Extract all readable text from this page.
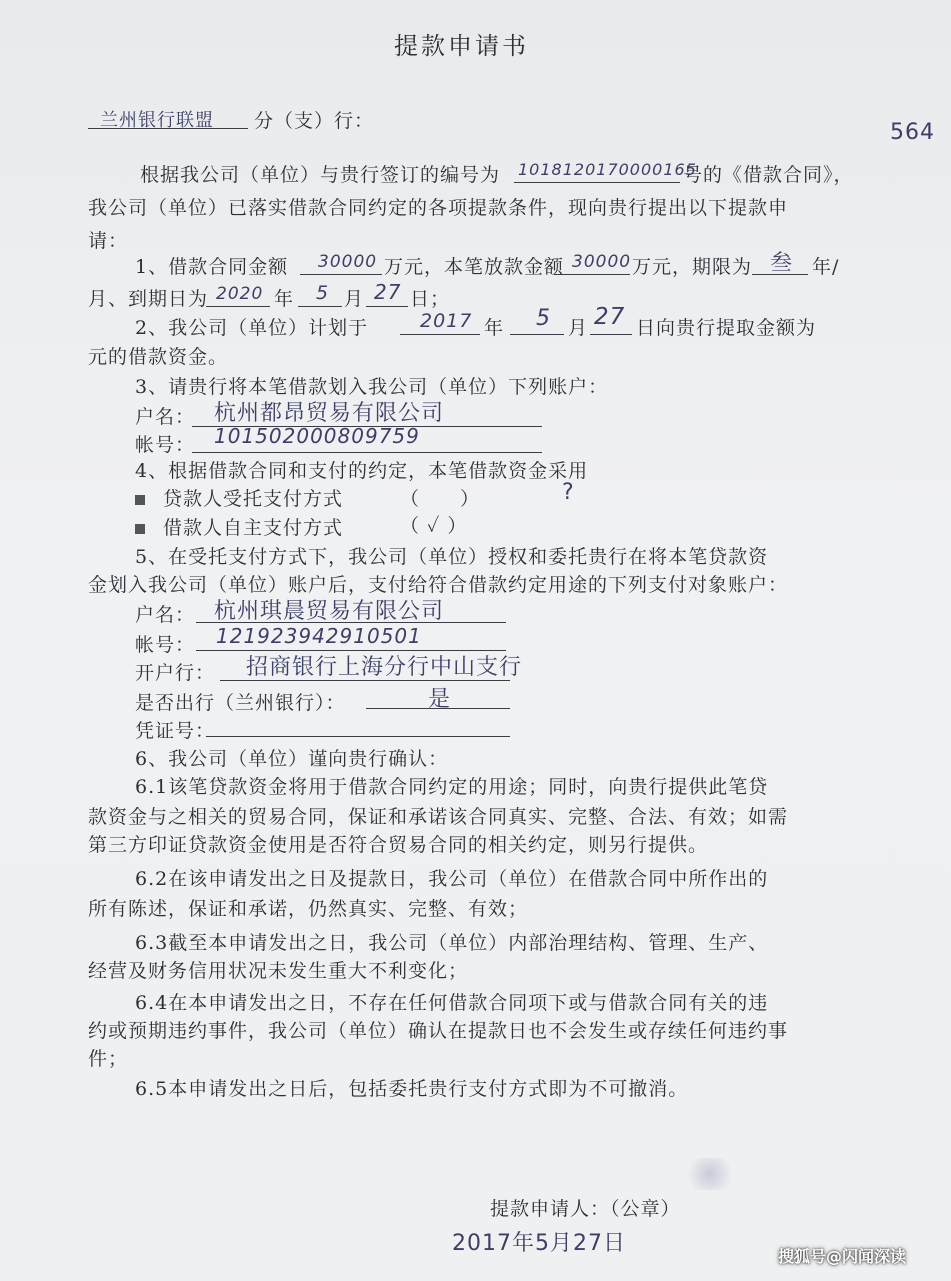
提款申请书
兰州银行联盟 分（支）行：	564
根据我公司（单位）与贵行签订的编号为 1018120170000165
号的《借款合同》，
我公司（单位）已落实借款合同约定的各项提款条件，现向贵行提出以下提款申
请：
1、借款合同金额 30000 万元，本笔放款金额 30000 万元，期限为 叁 年/
月、到期日为 2020 年 5 月 27 日；
2、我公司（单位）计划于	2017 年 5 月 27 日向贵行提取金额为
元的借款资金。
3、请贵行将本笔借款划入我公司（单位）下列账户：
户名： 杭州都昂贸易有限公司
帐号： 101502000809759
4、根据借款合同和支付的约定，本笔借款资金采用
贷款人受托支付方式	（　　）	?
借款人自主支付方式	（ ✓ ）
5、在受托支付方式下，我公司（单位）授权和委托贵行在将本笔贷款资
金划入我公司（单位）账户后，支付给符合借款约定用途的下列支付对象账户：
户名： 杭州琪晨贸易有限公司
帐号： 121923942910501
开户行： 招商银行上海分行中山支行
是否出行（兰州银行）：	是
凭证号：
6、我公司（单位）谨向贵行确认：
6.1该笔贷款资金将用于借款合同约定的用途；同时，向贵行提供此笔贷
款资金与之相关的贸易合同，保证和承诺该合同真实、完整、合法、有效；如需
第三方印证贷款资金使用是否符合贸易合同的相关约定，则另行提供。
6.2在该申请发出之日及提款日，我公司（单位）在借款合同中所作出的
所有陈述，保证和承诺，仍然真实、完整、有效；
6.3截至本申请发出之日，我公司（单位）内部治理结构、管理、生产、
经营及财务信用状况未发生重大不利变化；
6.4在本申请发出之日，不存在任何借款合同项下或与借款合同有关的违
约或预期违约事件，我公司（单位）确认在提款日也不会发生或存续任何违约事
件；
6.5本申请发出之日后，包括委托贵行支付方式即为不可撤消。
提款申请人：（公章）
2017年5月27日
搜狐号@闪闻深读
